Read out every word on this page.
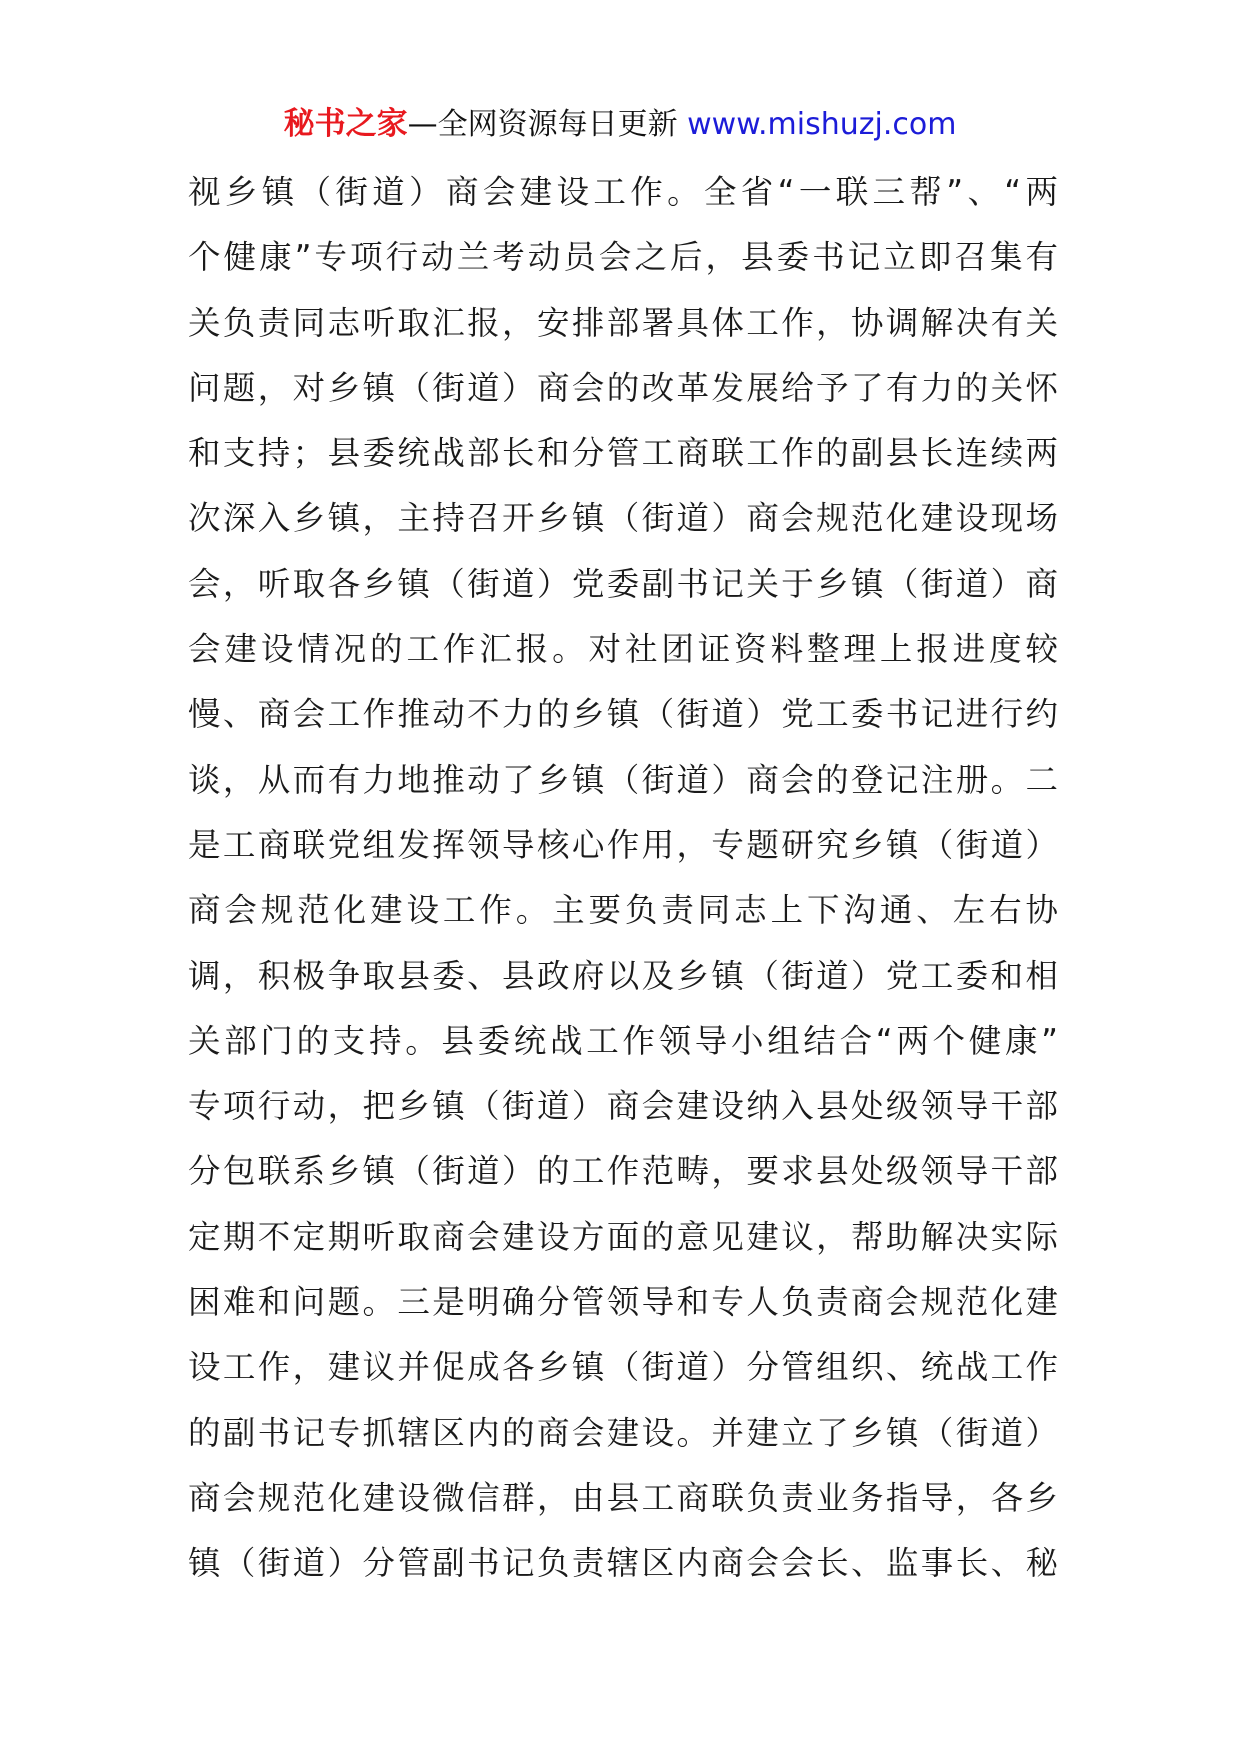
秘书之家—全网资源每日更新 www.mishuzj.com
视乡镇（街道）商会建设工作。全省“一联三帮”、“两
个健康”专项行动兰考动员会之后，县委书记立即召集有
关负责同志听取汇报，安排部署具体工作，协调解决有关
问题，对乡镇（街道）商会的改革发展给予了有力的关怀
和支持；县委统战部长和分管工商联工作的副县长连续两
次深入乡镇，主持召开乡镇（街道）商会规范化建设现场
会，听取各乡镇（街道）党委副书记关于乡镇（街道）商
会建设情况的工作汇报。对社团证资料整理上报进度较
慢、商会工作推动不力的乡镇（街道）党工委书记进行约
谈，从而有力地推动了乡镇（街道）商会的登记注册。二
是工商联党组发挥领导核心作用，专题研究乡镇（街道）
商会规范化建设工作。主要负责同志上下沟通、左右协
调，积极争取县委、县政府以及乡镇（街道）党工委和相
关部门的支持。县委统战工作领导小组结合“两个健康”
专项行动，把乡镇（街道）商会建设纳入县处级领导干部
分包联系乡镇（街道）的工作范畴，要求县处级领导干部
定期不定期听取商会建设方面的意见建议，帮助解决实际
困难和问题。三是明确分管领导和专人负责商会规范化建
设工作，建议并促成各乡镇（街道）分管组织、统战工作
的副书记专抓辖区内的商会建设。并建立了乡镇（街道）
商会规范化建设微信群，由县工商联负责业务指导，各乡
镇（街道）分管副书记负责辖区内商会会长、监事长、秘
